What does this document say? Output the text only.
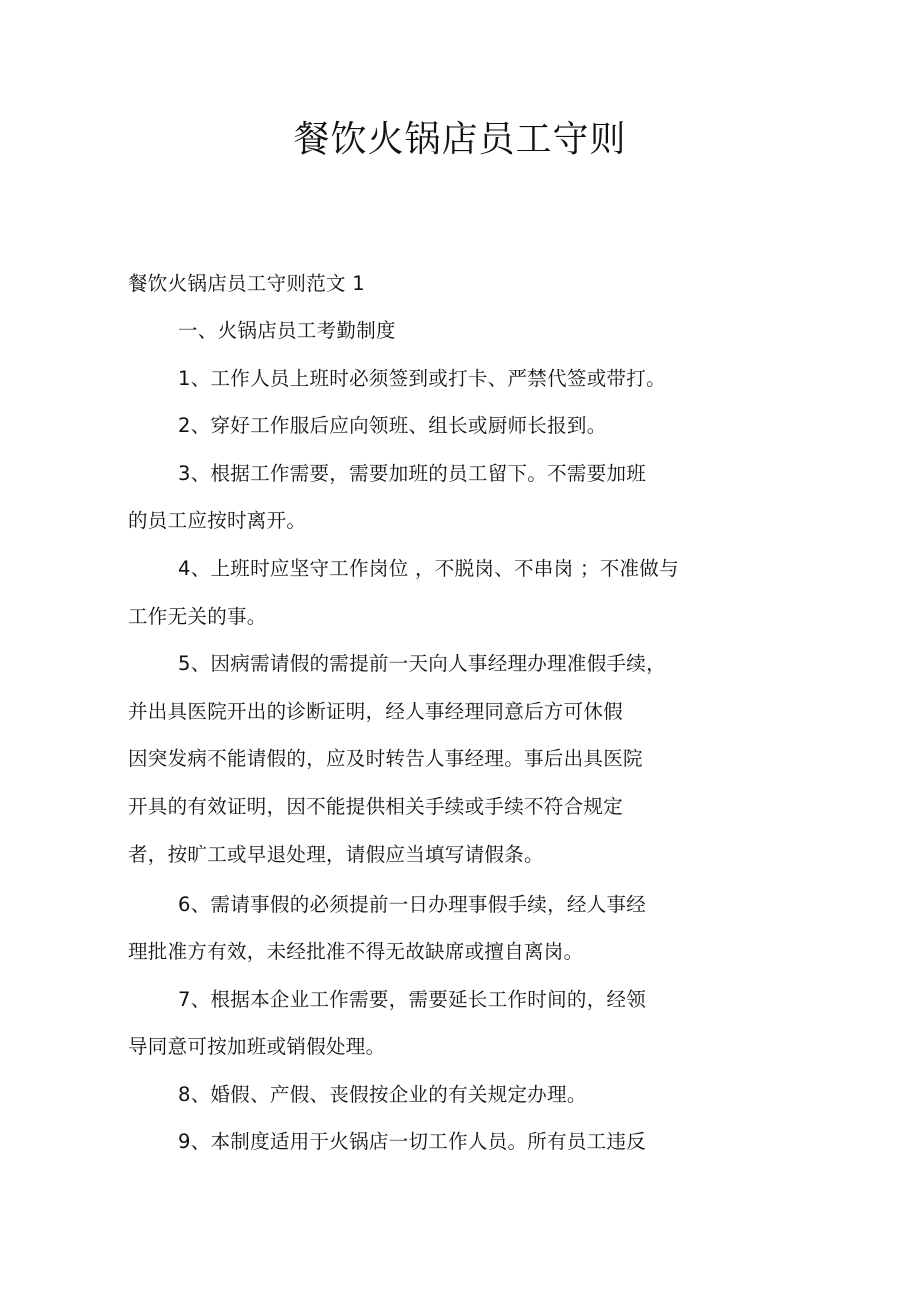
餐饮火锅店员工守则
餐饮火锅店员工守则范文 1
一、火锅店员工考勤制度
1、工作人员上班时必须签到或打卡、严禁代签或带打。
2、穿好工作服后应向领班、组长或厨师长报到。
3、根据工作需要，需要加班的员工留下。不需要加班
的员工应按时离开。
4、上班时应坚守工作岗位 ，不脱岗、不串岗 ；不准做与
工作无关的事。
5、因病需请假的需提前一天向人事经理办理准假手续，
并出具医院开出的诊断证明，经人事经理同意后方可休假
因突发病不能请假的，应及时转告人事经理。事后出具医院
开具的有效证明，因不能提供相关手续或手续不符合规定
者，按旷工或早退处理，请假应当填写请假条。
6、需请事假的必须提前一日办理事假手续，经人事经
理批准方有效，未经批准不得无故缺席或擅自离岗。
7、根据本企业工作需要，需要延长工作时间的，经领
导同意可按加班或销假处理。
8、婚假、产假、丧假按企业的有关规定办理。
9、本制度适用于火锅店一切工作人员。所有员工违反
